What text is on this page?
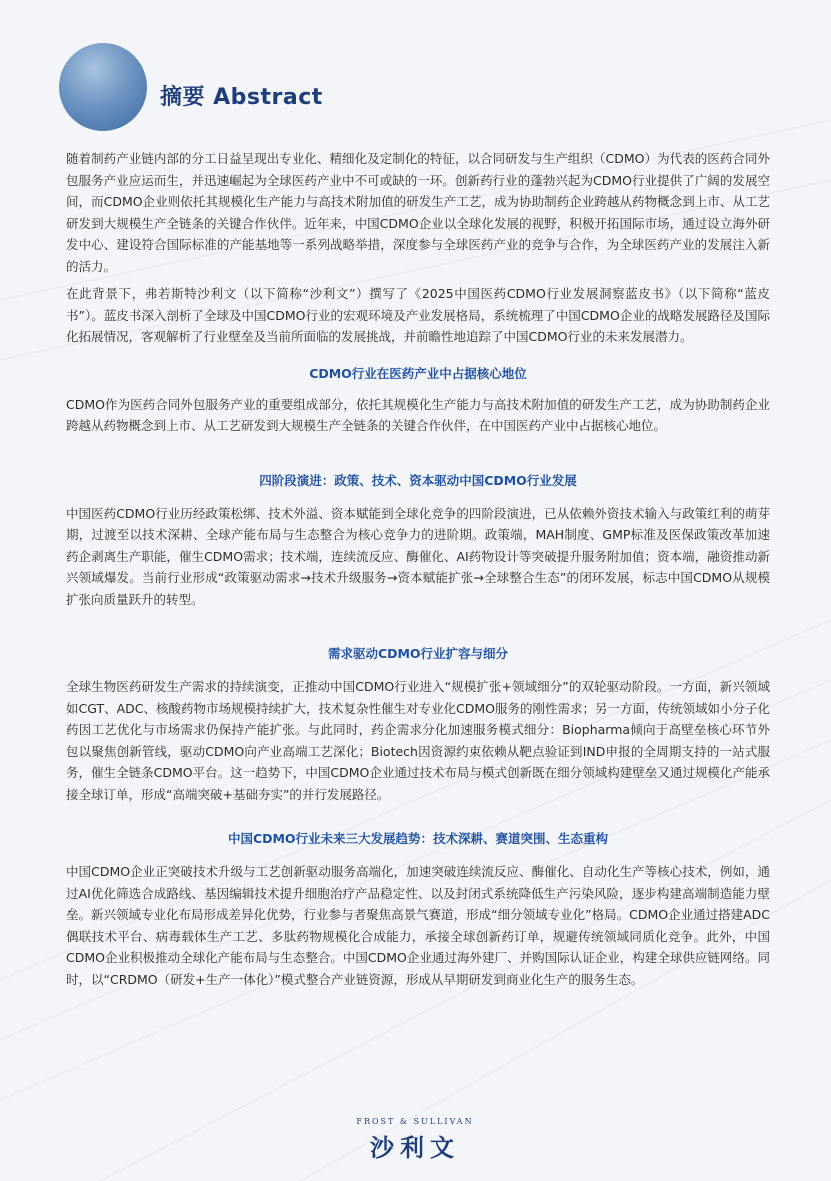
摘要 Abstract

随着制药产业链内部的分工日益呈现出专业化、精细化及定制化的特征，以合同研发与生产组织（CDMO）为代表的医药合同外包服务产业应运而生，并迅速崛起为全球医药产业中不可或缺的一环。创新药行业的蓬勃兴起为CDMO行业提供了广阔的发展空间，而CDMO企业则依托其规模化生产能力与高技术附加值的研发生产工艺，成为协助制药企业跨越从药物概念到上市、从工艺研发到大规模生产全链条的关键合作伙伴。近年来，中国CDMO企业以全球化发展的视野，积极开拓国际市场，通过设立海外研发中心、建设符合国际标准的产能基地等一系列战略举措，深度参与全球医药产业的竞争与合作，为全球医药产业的发展注入新的活力。

在此背景下，弗若斯特沙利文（以下简称“沙利文”）撰写了《2025中国医药CDMO行业发展洞察蓝皮书》（以下简称“蓝皮书”）。蓝皮书深入剖析了全球及中国CDMO行业的宏观环境及产业发展格局，系统梳理了中国CDMO企业的战略发展路径及国际化拓展情况，客观解析了行业壁垒及当前所面临的发展挑战，并前瞻性地追踪了中国CDMO行业的未来发展潜力。

CDMO行业在医药产业中占据核心地位

CDMO作为医药合同外包服务产业的重要组成部分，依托其规模化生产能力与高技术附加值的研发生产工艺，成为协助制药企业跨越从药物概念到上市、从工艺研发到大规模生产全链条的关键合作伙伴，在中国医药产业中占据核心地位。

四阶段演进：政策、技术、资本驱动中国CDMO行业发展

中国医药CDMO行业历经政策松绑、技术外溢、资本赋能到全球化竞争的四阶段演进，已从依赖外资技术输入与政策红利的萌芽期，过渡至以技术深耕、全球产能布局与生态整合为核心竞争力的进阶期。政策端，MAH制度、GMP标准及医保政策改革加速药企剥离生产职能，催生CDMO需求；技术端，连续流反应、酶催化、AI药物设计等突破提升服务附加值；资本端，融资推动新兴领域爆发。当前行业形成“政策驱动需求→技术升级服务→资本赋能扩张→全球整合生态”的闭环发展，标志中国CDMO从规模扩张向质量跃升的转型。

需求驱动CDMO行业扩容与细分

全球生物医药研发生产需求的持续演变，正推动中国CDMO行业进入“规模扩张+领域细分”的双轮驱动阶段。一方面，新兴领域如CGT、ADC、核酸药物市场规模持续扩大，技术复杂性催生对专业化CDMO服务的刚性需求；另一方面，传统领域如小分子化药因工艺优化与市场需求仍保持产能扩张。与此同时，药企需求分化加速服务模式细分：Biopharma倾向于高壁垒核心环节外包以聚焦创新管线，驱动CDMO向产业高端工艺深化；Biotech因资源约束依赖从靶点验证到IND申报的全周期支持的一站式服务，催生全链条CDMO平台。这一趋势下，中国CDMO企业通过技术布局与模式创新既在细分领域构建壁垒又通过规模化产能承接全球订单，形成“高端突破+基础夯实”的并行发展路径。

中国CDMO行业未来三大发展趋势：技术深耕、赛道突围、生态重构

中国CDMO企业正突破技术升级与工艺创新驱动服务高端化，加速突破连续流反应、酶催化、自动化生产等核心技术，例如，通过AI优化筛选合成路线、基因编辑技术提升细胞治疗产品稳定性、以及封闭式系统降低生产污染风险，逐步构建高端制造能力壁垒。新兴领域专业化布局形成差异化优势，行业参与者聚焦高景气赛道，形成“细分领域专业化”格局。CDMO企业通过搭建ADC偶联技术平台、病毒载体生产工艺、多肽药物规模化合成能力，承接全球创新药订单，规避传统领域同质化竞争。此外，中国CDMO企业积极推动全球化产能布局与生态整合。中国CDMO企业通过海外建厂、并购国际认证企业，构建全球供应链网络。同时，以“CRDMO（研发+生产一体化）”模式整合产业链资源，形成从早期研发到商业化生产的服务生态。

FROST & SULLIVAN
沙利文
